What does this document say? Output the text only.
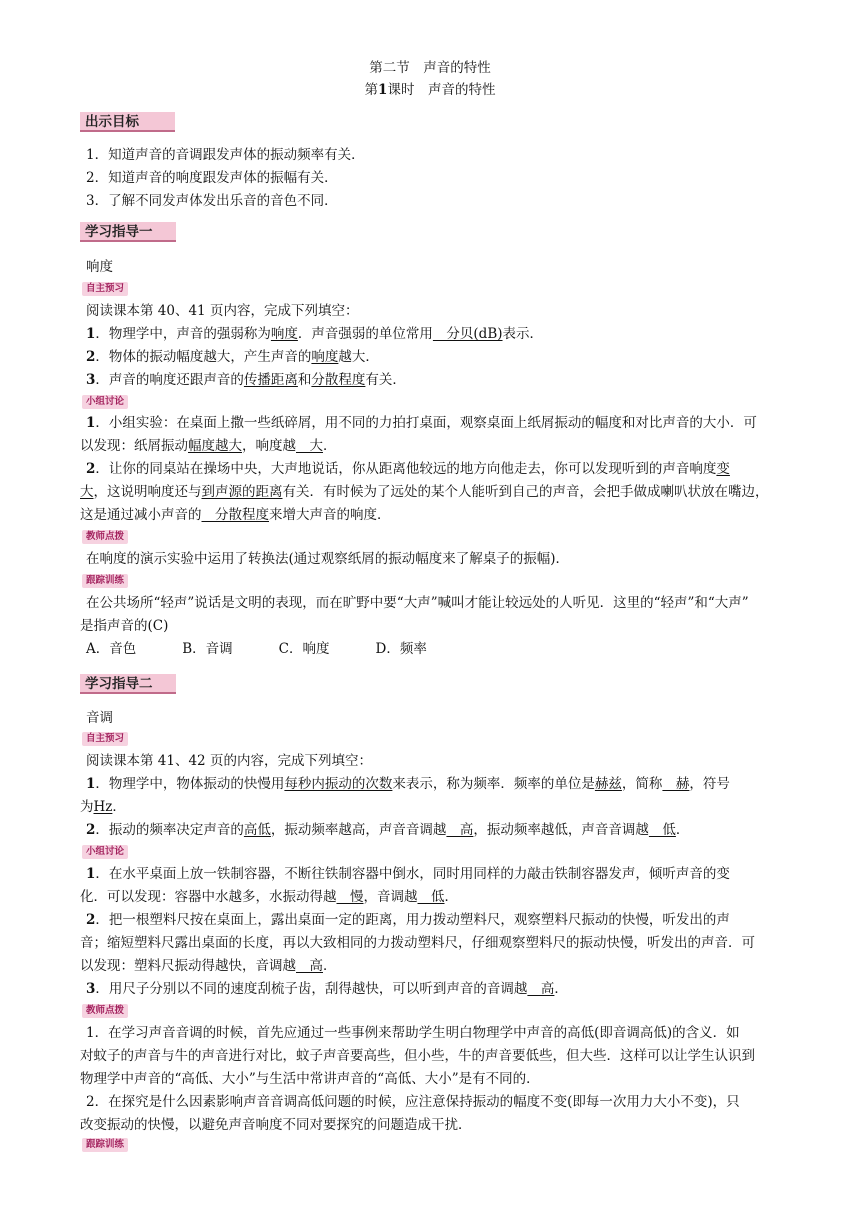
第二节　声音的特性
第1课时　声音的特性
出示目标
1．知道声音的音调跟发声体的振动频率有关．
2．知道声音的响度跟发声体的振幅有关．
3．了解不同发声体发出乐音的音色不同．
学习指导一
响度
自主预习
阅读课本第 40、41 页内容，完成下列填空：
1．物理学中，声音的强弱称为响度．声音强弱的单位常用　分贝(dB)表示．
2．物体的振动幅度越大，产生声音的响度越大．
3．声音的响度还跟声音的传播距离和分散程度有关．
小组讨论
1．小组实验：在桌面上撒一些纸碎屑，用不同的力拍打桌面，观察桌面上纸屑振动的幅度和对比声音的大小．可
以发现：纸屑振动幅度越大，响度越　大．
2．让你的同桌站在操场中央，大声地说话，你从距离他较远的地方向他走去，你可以发现听到的声音响度变
大，这说明响度还与到声源的距离有关．有时候为了远处的某个人能听到自己的声音，会把手做成喇叭状放在嘴边，
这是通过减小声音的　分散程度来增大声音的响度．
教师点拨
在响度的演示实验中运用了转换法(通过观察纸屑的振动幅度来了解桌子的振幅)．
跟踪训练
在公共场所“轻声”说话是文明的表现，而在旷野中要“大声”喊叫才能让较远处的人听见．这里的“轻声”和“大声”
是指声音的(C)
A．音色	B．音调	C．响度	D．频率
学习指导二
音调
自主预习
阅读课本第 41、42 页的内容，完成下列填空：
1．物理学中，物体振动的快慢用每秒内振动的次数来表示，称为频率．频率的单位是赫兹，简称　赫，符号
为Hz．
2．振动的频率决定声音的高低，振动频率越高，声音音调越　高，振动频率越低，声音音调越　低．
小组讨论
1．在水平桌面上放一铁制容器，不断往铁制容器中倒水，同时用同样的力敲击铁制容器发声，倾听声音的变
化．可以发现：容器中水越多，水振动得越　慢，音调越　低．
2．把一根塑料尺按在桌面上，露出桌面一定的距离，用力拨动塑料尺，观察塑料尺振动的快慢，听发出的声
音；缩短塑料尺露出桌面的长度，再以大致相同的力拨动塑料尺，仔细观察塑料尺的振动快慢，听发出的声音．可
以发现：塑料尺振动得越快，音调越　高．
3．用尺子分别以不同的速度刮梳子齿，刮得越快，可以听到声音的音调越　高．
教师点拨
1．在学习声音音调的时候，首先应通过一些事例来帮助学生明白物理学中声音的高低(即音调高低)的含义．如
对蚊子的声音与牛的声音进行对比，蚊子声音要高些，但小些，牛的声音要低些，但大些．这样可以让学生认识到
物理学中声音的“高低、大小”与生活中常讲声音的“高低、大小”是有不同的．
2．在探究是什么因素影响声音音调高低问题的时候，应注意保持振动的幅度不变(即每一次用力大小不变)，只
改变振动的快慢，以避免声音响度不同对要探究的问题造成干扰．
跟踪训练
